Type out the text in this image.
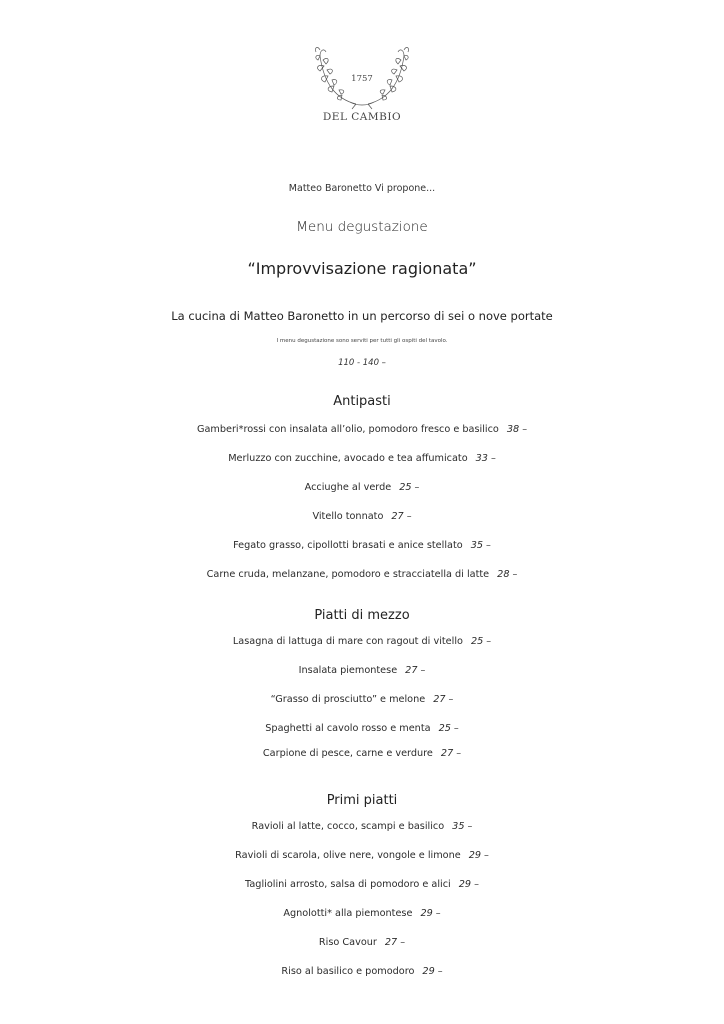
1757
DEL CAMBIO
Matteo Baronetto Vi propone...
Menu degustazione
“Improvvisazione ragionata”
La cucina di Matteo Baronetto in un percorso di sei o nove portate
I menu degustazione sono serviti per tutti gli ospiti del tavolo.
110 - 140 –
Antipasti
Gamberi*rossi con insalata all’olio, pomodoro fresco e basilico 38 –
Merluzzo con zucchine, avocado e tea affumicato 33 –
Acciughe al verde 25 –
Vitello tonnato 27 –
Fegato grasso, cipollotti brasati e anice stellato 35 –
Carne cruda, melanzane, pomodoro e stracciatella di latte 28 –
Piatti di mezzo
Lasagna di lattuga di mare con ragout di vitello 25 –
Insalata piemontese 27 –
“Grasso di prosciutto” e melone 27 –
Spaghetti al cavolo rosso e menta 25 –
Carpione di pesce, carne e verdure 27 –
Primi piatti
Ravioli al latte, cocco, scampi e basilico 35 –
Ravioli di scarola, olive nere, vongole e limone 29 –
Tagliolini arrosto, salsa di pomodoro e alici 29 –
Agnolotti* alla piemontese 29 –
Riso Cavour 27 –
Riso al basilico e pomodoro 29 –
